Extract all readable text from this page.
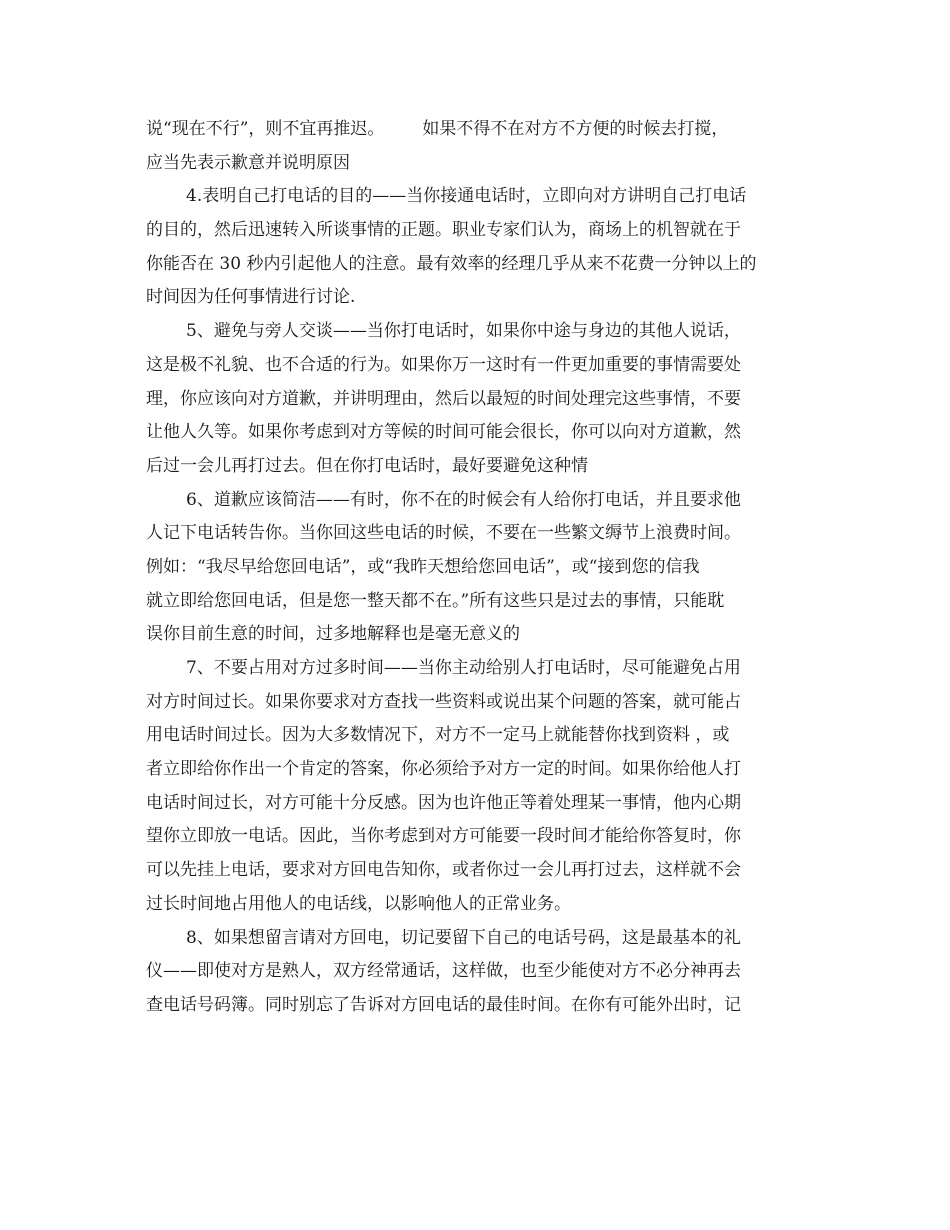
说“现在不行”，则不宜再推迟。 如果不得不在对方不方便的时候去打搅，
应当先表示歉意并说明原因
4.表明自己打电话的目的——当你接通电话时，立即向对方讲明自己打电话
的目的，然后迅速转入所谈事情的正题。职业专家们认为，商场上的机智就在于
你能否在 30 秒内引起他人的注意。最有效率的经理几乎从来不花费一分钟以上的
时间因为任何事情进行讨论.
5、避免与旁人交谈——当你打电话时，如果你中途与身边的其他人说话，
这是极不礼貌、也不合适的行为。如果你万一这时有一件更加重要的事情需要处
理，你应该向对方道歉，并讲明理由，然后以最短的时间处理完这些事情，不要
让他人久等。如果你考虑到对方等候的时间可能会很长，你可以向对方道歉，然
后过一会儿再打过去。但在你打电话时，最好要避免这种情
6、道歉应该简洁——有时，你不在的时候会有人给你打电话，并且要求他
人记下电话转告你。当你回这些电话的时候，不要在一些繁文缛节上浪费时间。
例如：“我尽早给您回电话”，或“我昨天想给您回电话”，或“接到您的信我
就立即给您回电话，但是您一整天都不在。”所有这些只是过去的事情，只能耽
误你目前生意的时间，过多地解释也是毫无意义的
7、不要占用对方过多时间——当你主动给别人打电话时，尽可能避免占用
对方时间过长。如果你要求对方查找一些资料或说出某个问题的答案，就可能占
用电话时间过长。因为大多数情况下，对方不一定马上就能替你找到资料 ，或
者立即给你作出一个肯定的答案，你必须给予对方一定的时间。如果你给他人打
电话时间过长，对方可能十分反感。因为也许他正等着处理某一事情，他内心期
望你立即放一电话。因此，当你考虑到对方可能要一段时间才能给你答复时，你
可以先挂上电话，要求对方回电告知你，或者你过一会儿再打过去，这样就不会
过长时间地占用他人的电话线，以影响他人的正常业务。
8、如果想留言请对方回电，切记要留下自己的电话号码，这是最基本的礼
仪——即使对方是熟人，双方经常通话，这样做，也至少能使对方不必分神再去
查电话号码簿。同时别忘了告诉对方回电话的最佳时间。在你有可能外出时，记
